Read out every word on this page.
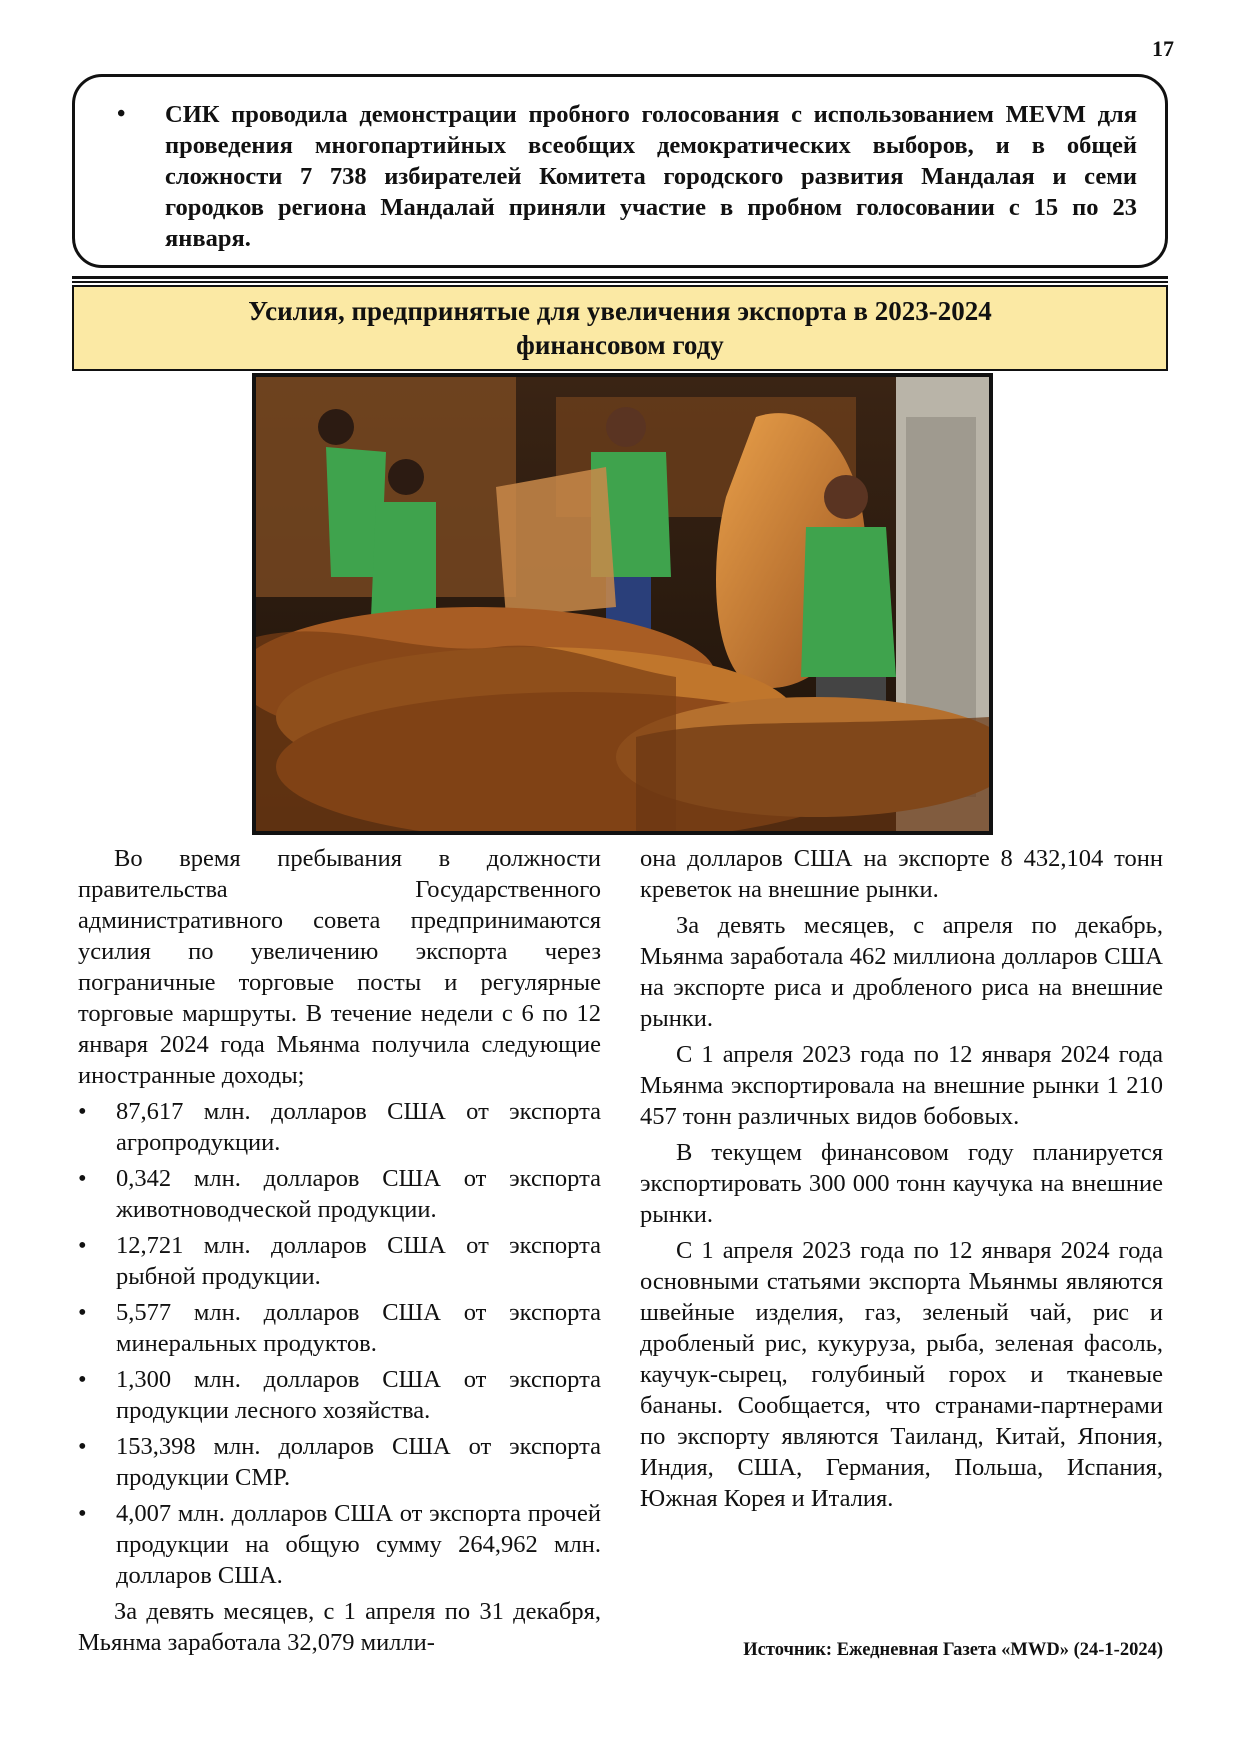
17
• СИК проводила демонстрации пробного голосования с использованием MEVM для проведения многопартийных всеобщих демократических выборов, и в общей сложности 7 738 избирателей Комитета городского развития Мандалая и семи городков региона Мандалай приняли участие в пробном голосовании с 15 по 23 января.
Усилия, предпринятые для увеличения экспорта в 2023-2024
финансовом году

Во время пребывания в должности правительства Государственного административного совета предпринимаются усилия по увеличению экспорта через пограничные торговые посты и регулярные торговые маршруты. В течение недели с 6 по 12 января 2024 года Мьянма получила следующие иностранные доходы;

• 87,617 млн. долларов США от экспорта агропродукции.
• 0,342 млн. долларов США от экспорта животноводческой продукции.
• 12,721 млн. долларов США от экспорта рыбной продукции.
• 5,577 млн. долларов США от экспорта минеральных продуктов.
• 1,300 млн. долларов США от экспорта продукции лесного хозяйства.
• 153,398 млн. долларов США от экспорта продукции CMP.
• 4,007 млн. долларов США от экспорта прочей продукции на общую сумму 264,962 млн. долларов США.

За девять месяцев, с 1 апреля по 31 декабря, Мьянма заработала 32,079 милли-

она долларов США на экспорте 8 432,104 тонн креветок на внешние рынки.

За девять месяцев, с апреля по декабрь, Мьянма заработала 462 миллиона долларов США на экспорте риса и дробленого риса на внешние рынки.

С 1 апреля 2023 года по 12 января 2024 года Мьянма экспортировала на внешние рынки 1 210 457 тонн различных видов бобовых.

В текущем финансовом году планируется экспортировать 300 000 тонн каучука на внешние рынки.

С 1 апреля 2023 года по 12 января 2024 года основными статьями экспорта Мьянмы являются швейные изделия, газ, зеленый чай, рис и дробленый рис, кукуруза, рыба, зеленая фасоль, каучук-сырец, голубиный горох и тканевые бананы. Сообщается, что странами-партнерами по экспорту являются Таиланд, Китай, Япония, Индия, США, Германия, Польша, Испания, Южная Корея и Италия.

Источник: Ежедневная Газета «MWD» (24-1-2024)
